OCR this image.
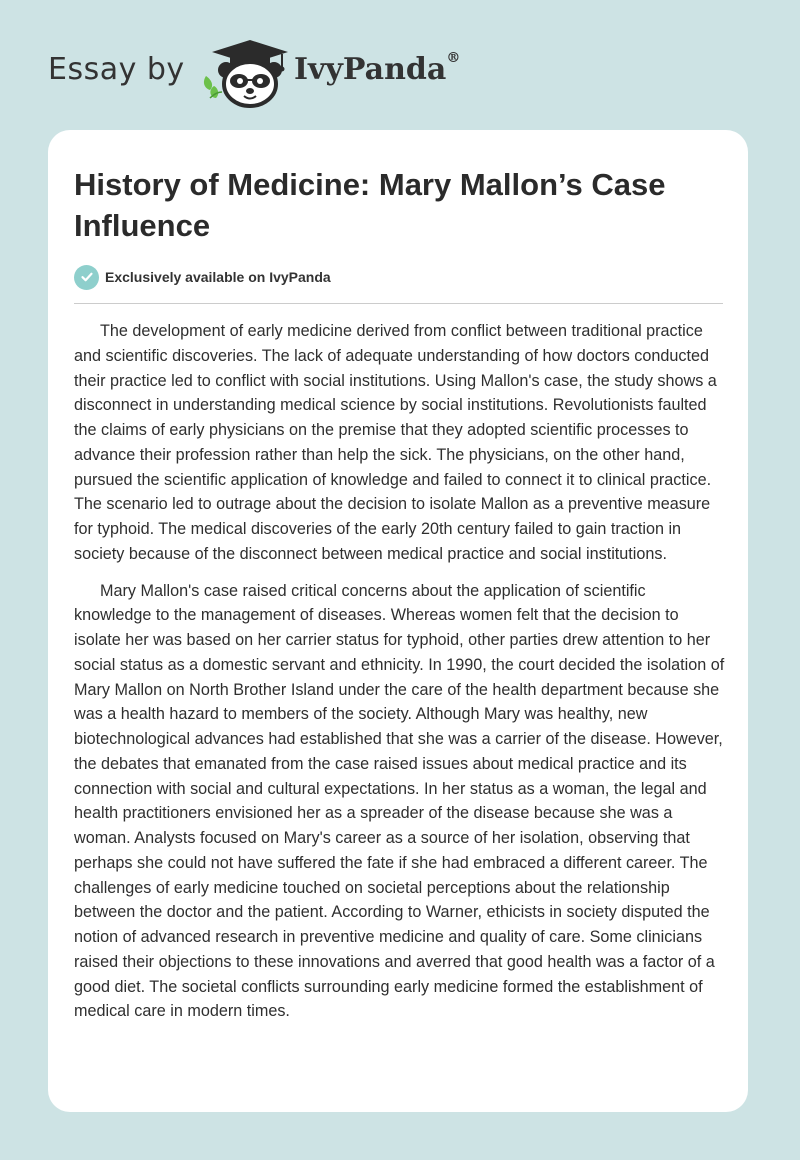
Essay by	IvyPanda®
History of Medicine: Mary Mallon’s Case Influence
Exclusively available on IvyPanda

The development of early medicine derived from conflict between traditional practice and scientific discoveries. The lack of adequate understanding of how doctors conducted their practice led to conflict with social institutions. Using Mallon's case, the study shows a disconnect in understanding medical science by social institutions. Revolutionists faulted the claims of early physicians on the premise that they adopted scientific processes to advance their profession rather than help the sick. The physicians, on the other hand, pursued the scientific application of knowledge and failed to connect it to clinical practice. The scenario led to outrage about the decision to isolate Mallon as a preventive measure for typhoid. The medical discoveries of the early 20th century failed to gain traction in society because of the disconnect between medical practice and social institutions.

Mary Mallon's case raised critical concerns about the application of scientific knowledge to the management of diseases. Whereas women felt that the decision to isolate her was based on her carrier status for typhoid, other parties drew attention to her social status as a domestic servant and ethnicity. In 1990, the court decided the isolation of Mary Mallon on North Brother Island under the care of the health department because she was a health hazard to members of the society. Although Mary was healthy, new biotechnological advances had established that she was a carrier of the disease. However, the debates that emanated from the case raised issues about medical practice and its connection with social and cultural expectations. In her status as a woman, the legal and health practitioners envisioned her as a spreader of the disease because she was a woman. Analysts focused on Mary's career as a source of her isolation, observing that perhaps she could not have suffered the fate if she had embraced a different career. The challenges of early medicine touched on societal perceptions about the relationship between the doctor and the patient. According to Warner, ethicists in society disputed the notion of advanced research in preventive medicine and quality of care. Some clinicians raised their objections to these innovations and averred that good health was a factor of a good diet. The societal conflicts surrounding early medicine formed the establishment of medical care in modern times.
